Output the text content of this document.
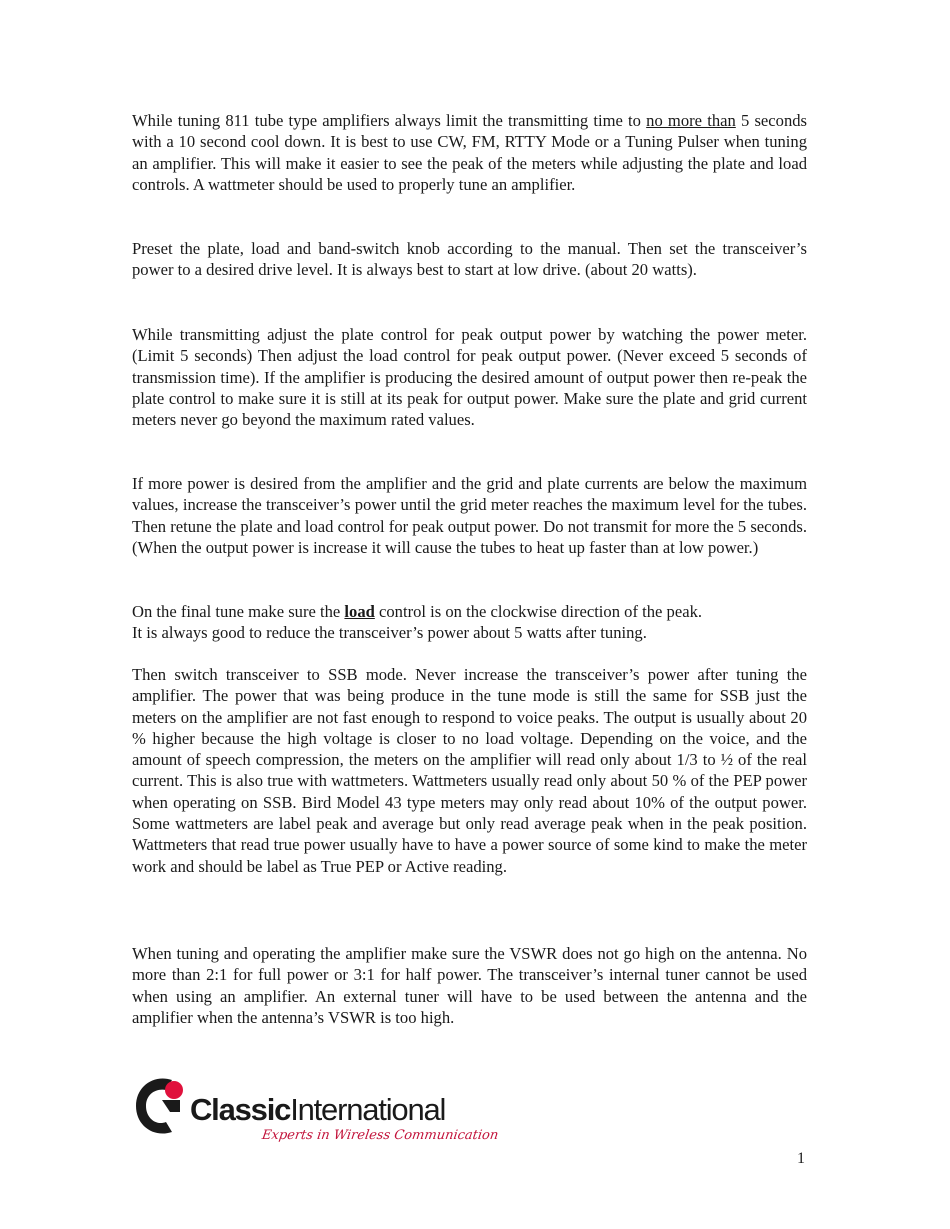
While tuning 811 tube type amplifiers always limit the transmitting time to no more than 5 seconds with a 10 second cool down. It is best to use CW, FM, RTTY Mode or a Tuning Pulser when tuning an amplifier. This will make it easier to see the peak of the meters while adjusting the plate and load controls. A wattmeter should be used to properly tune an amplifier.

Preset the plate, load and band-switch knob according to the manual. Then set the transceiver’s power to a desired drive level. It is always best to start at low drive. (about 20 watts).

While transmitting adjust the plate control for peak output power by watching the power meter. (Limit 5 seconds) Then adjust the load control for peak output power. (Never exceed 5 seconds of transmission time). If the amplifier is producing the desired amount of output power then re-peak the plate control to make sure it is still at its peak for output power. Make sure the plate and grid current meters never go beyond the maximum rated values.

If more power is desired from the amplifier and the grid and plate currents are below the maximum values, increase the transceiver’s power until the grid meter reaches the maximum level for the tubes. Then retune the plate and load control for peak output power. Do not transmit for more the 5 seconds. (When the output power is increase it will cause the tubes to heat up faster than at low power.)

On the final tune make sure the load control is on the clockwise direction of the peak.
It is always good to reduce the transceiver’s power about 5 watts after tuning.

Then switch transceiver to SSB mode. Never increase the transceiver’s power after tuning the amplifier. The power that was being produce in the tune mode is still the same for SSB just the meters on the amplifier are not fast enough to respond to voice peaks. The output is usually about 20 % higher because the high voltage is closer to no load voltage. Depending on the voice, and the amount of speech compression, the meters on the amplifier will read only about 1/3 to ½ of the real current. This is also true with wattmeters. Wattmeters usually read only about 50 % of the PEP power when operating on SSB. Bird Model 43 type meters may only read about 10% of the output power. Some wattmeters are label peak and average but only read average peak when in the peak position. Wattmeters that read true power usually have to have a power source of some kind to make the meter work and should be label as True PEP or Active reading.

When tuning and operating the amplifier make sure the VSWR does not go high on the antenna. No more than 2:1 for full power or 3:1 for half power. The transceiver’s internal tuner cannot be used when using an amplifier. An external tuner will have to be used between the antenna and the amplifier when the antenna’s VSWR is too high.

ClassicInternational
Experts in Wireless Communication
1
